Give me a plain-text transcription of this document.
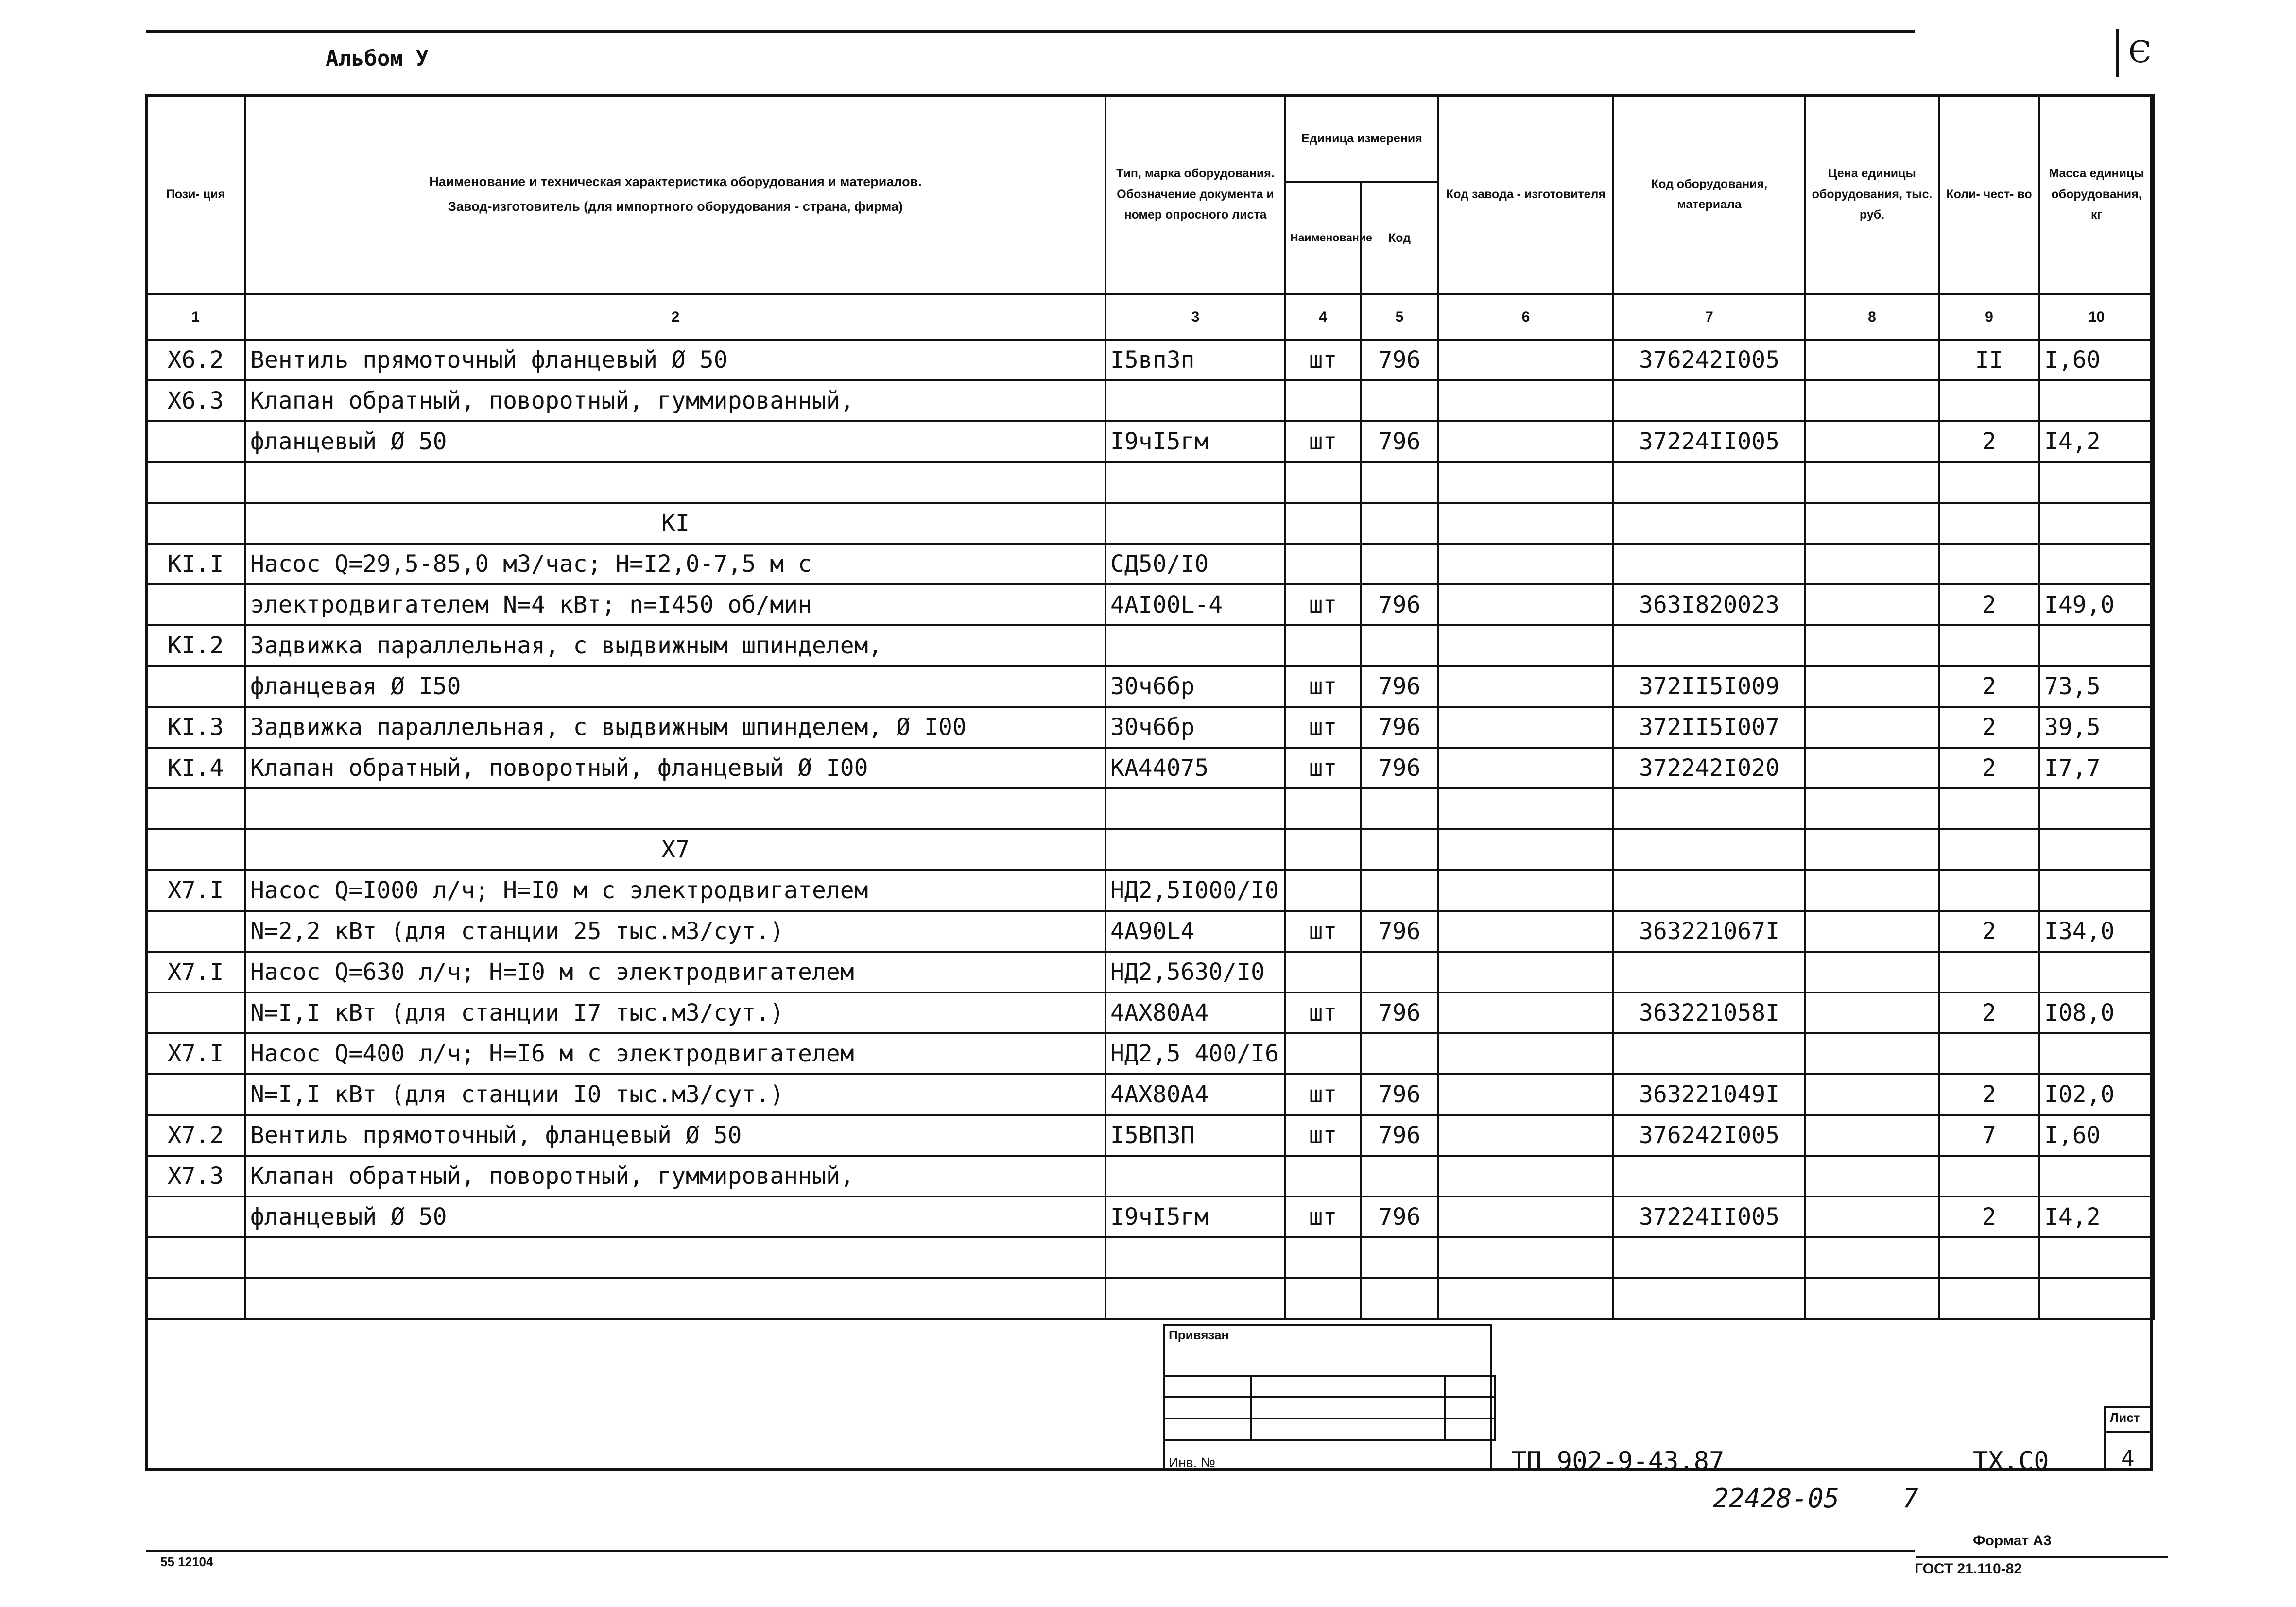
Альбом У	Є
Пози- ция	Наименование и техническая характеристика оборудования и материалов.
Завод-изготовитель (для импортного оборудования - страна, фирма)	Тип, марка оборудования. Обозначение документа и номер опросного листа	Единица измерения		Код завода - изготовителя	Код оборудования, материала	Цена единицы оборудования, тыс. руб.	Коли- чест- во	Масса единицы оборудования, кг
			Наименование	Код					
1	2	3	4	5	6	7	8	9	10
Х6.2	Вентиль прямоточный фланцевый Ø 50	I5вп3п	шт	796		376242I005		II	I,60
Х6.3	Клапан обратный, поворотный, гуммированный,								
	фланцевый Ø 50	I9чI5гм	шт	796		37224II005		2	I4,2

	КI								
КI.I	Насос Q=29,5-85,0 м3/час; Н=I2,0-7,5 м с	СД50/I0							
	электродвигателем N=4 кВт; n=I450 об/мин	4АI00L-4	шт	796		363I820023		2	I49,0
КI.2	Задвижка параллельная, с выдвижным шпинделем,								
	фланцевая Ø I50	30ч6бр	шт	796		372II5I009		2	73,5
КI.3	Задвижка параллельная, с выдвижным шпинделем, Ø I00	30ч6бр	шт	796		372II5I007		2	39,5
КI.4	Клапан обратный, поворотный, фланцевый Ø I00	КА44075	шт	796		372242I020		2	I7,7

	Х7								
Х7.I	Насос Q=I000 л/ч; Н=I0 м с электродвигателем	НД2,5I000/I0							
	N=2,2 кВт (для станции 25 тыс.м3/сут.)	4А90L4	шт	796		363221067I		2	I34,0
Х7.I	Насос Q=630 л/ч; Н=I0 м с электродвигателем	НД2,5630/I0							
	N=I,I кВт (для станции I7 тыс.м3/сут.)	4АХ80А4	шт	796		363221058I		2	I08,0
Х7.I	Насос Q=400 л/ч; Н=I6 м с электродвигателем	НД2,5 400/I6							
	N=I,I кВт (для станции I0 тыс.м3/сут.)	4АХ80А4	шт	796		363221049I		2	I02,0
Х7.2	Вентиль прямоточный, фланцевый Ø 50	I5ВП3П	шт	796		376242I005		7	I,60
Х7.3	Клапан обратный, поворотный, гуммированный,								
	фланцевый Ø 50	I9чI5гм	шт	796		37224II005		2	I4,2

Привязан

Инв. №	ТП 902-9-43.87	ТХ.С0
Лист
4
22428-05    7
Формат А3
ГОСТ 21.110-82
55 12104
